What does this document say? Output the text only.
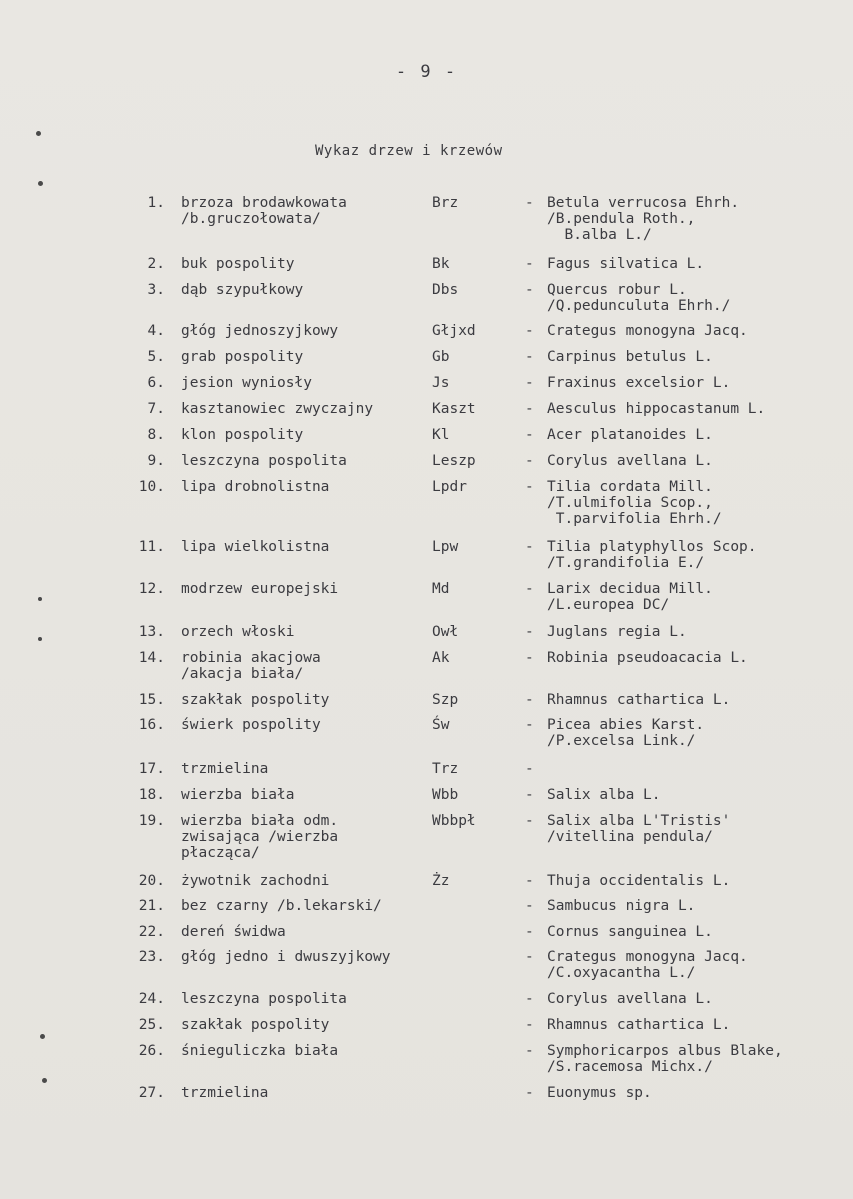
- 9 -
Wykaz drzew i krzewów
1. brzoza brodawkowata
/b.gruczołowata/
Brz	- Betula verrucosa Ehrh.
/B.pendula Roth.,
B.alba L./
2. buk pospolity	Bk	- Fagus silvatica L.
3. dąb szypułkowy	Dbs	- Quercus robur L.
/Q.pedunculuta Ehrh./
4. głóg jednoszyjkowy	Głjxd	- Crategus monogyna Jacq.
5. grab pospolity	Gb	- Carpinus betulus L.
6. jesion wyniosły	Js	- Fraxinus excelsior L.
7. kasztanowiec zwyczajny	Kaszt	- Aesculus hippocastanum L.
8. klon pospolity	Kl	- Acer platanoides L.
9. leszczyna pospolita	Leszp	- Corylus avellana L.
10. lipa drobnolistna	Lpdr	- Tilia cordata Mill.
/T.ulmifolia Scop.,
T.parvifolia Ehrh./
11. lipa wielkolistna	Lpw	- Tilia platyphyllos Scop.
/T.grandifolia E./
12. modrzew europejski	Md	- Larix decidua Mill.
/L.europea DC/
13. orzech włoski	Owł	- Juglans regia L.
14. robinia akacjowa
/akacja biała/
Ak	- Robinia pseudoacacia L.
15. szakłak pospolity	Szp	- Rhamnus cathartica L.
16. świerk pospolity	Św	- Picea abies Karst.
/P.excelsa Link./
17. trzmielina	Trz	-
18. wierzba biała	Wbb	- Salix alba L.
19. wierzba biała odm.
zwisająca /wierzba
płacząca/
Wbbpł	- Salix alba L'Tristis'
/vitellina pendula/
20. żywotnik zachodni	Żz	- Thuja occidentalis L.
21. bez czarny /b.lekarski/	- Sambucus nigra L.
22. dereń świdwa	- Cornus sanguinea L.
23. głóg jedno i dwuszyjkowy	- Crategus monogyna Jacq.
/C.oxyacantha L./
24. leszczyna pospolita	- Corylus avellana L.
25. szakłak pospolity	- Rhamnus cathartica L.
26. śnieguliczka biała	- Symphoricarpos albus Blake,
/S.racemosa Michx./
27. trzmielina	- Euonymus sp.
